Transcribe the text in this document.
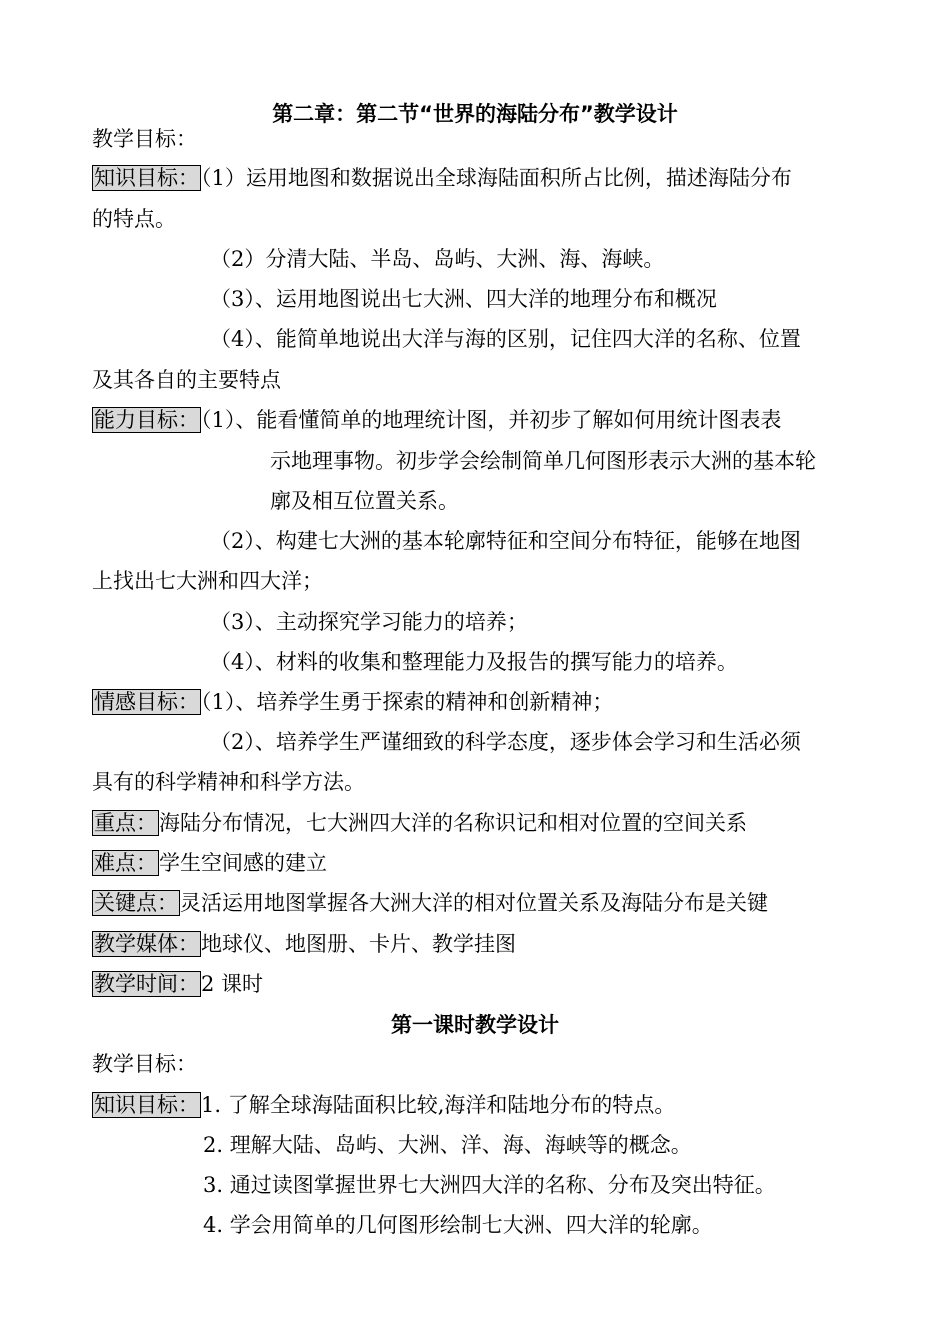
第二章：第二节“世界的海陆分布”教学设计
教学目标：
知识目标：（1）运用地图和数据说出全球海陆面积所占比例，描述海陆分布
的特点。
（2）分清大陆、半岛、岛屿、大洲、海、海峡。
（3）、运用地图说出七大洲、四大洋的地理分布和概况
（4）、能简单地说出大洋与海的区别，记住四大洋的名称、位置
及其各自的主要特点
能力目标：（1）、能看懂简单的地理统计图，并初步了解如何用统计图表表
示地理事物。初步学会绘制简单几何图形表示大洲的基本轮
廓及相互位置关系。
（2）、构建七大洲的基本轮廓特征和空间分布特征，能够在地图
上找出七大洲和四大洋；
（3）、主动探究学习能力的培养；
（4）、材料的收集和整理能力及报告的撰写能力的培养。
情感目标：（1）、培养学生勇于探索的精神和创新精神；
（2）、培养学生严谨细致的科学态度，逐步体会学习和生活必须
具有的科学精神和科学方法。
重点：海陆分布情况，七大洲四大洋的名称识记和相对位置的空间关系
难点：学生空间感的建立
关键点：灵活运用地图掌握各大洲大洋的相对位置关系及海陆分布是关键
教学媒体：地球仪、地图册、卡片、教学挂图
教学时间：2 课时
第一课时教学设计
教学目标：
知识目标：1. 了解全球海陆面积比较,海洋和陆地分布的特点。
2. 理解大陆、岛屿、大洲、洋、海、海峡等的概念。
3. 通过读图掌握世界七大洲四大洋的名称、分布及突出特征。
4. 学会用简单的几何图形绘制七大洲、四大洋的轮廓。
